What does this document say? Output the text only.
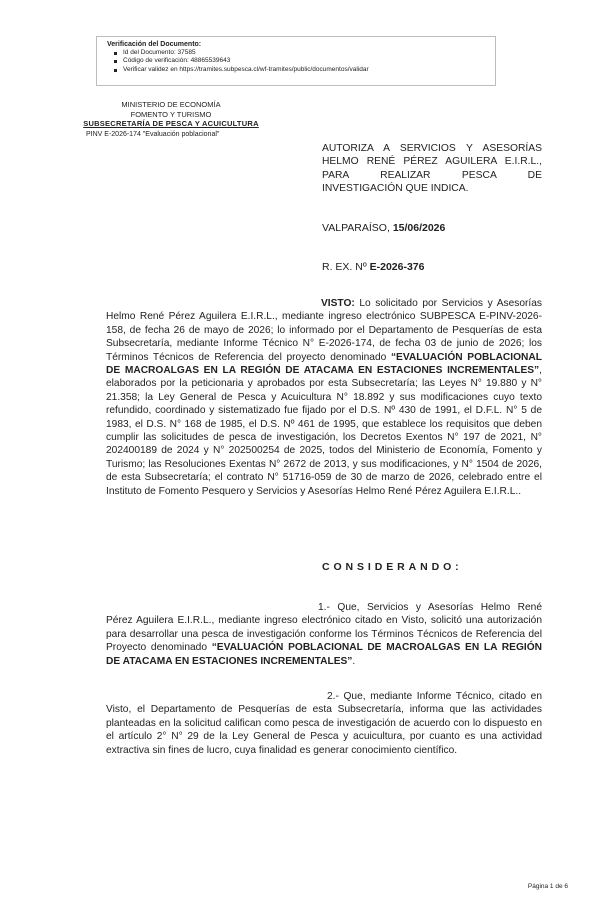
Verificación del Documento:
Id del Documento: 37585
Código de verificación: 48865539643
Verificar validez en https://tramites.subpesca.cl/wf-tramites/public/documentos/validar
MINISTERIO DE ECONOMÍA
FOMENTO Y TURISMO
SUBSECRETARÍA DE PESCA Y ACUICULTURA
PINV E-2026-174 "Evaluación poblacional"
AUTORIZA A SERVICIOS Y ASESORÍAS
HELMO RENÉ PÉREZ AGUILERA E.I.R.L.,
PARA REALIZAR PESCA DE
INVESTIGACIÓN QUE INDICA.
VALPARAÍSO, 15/06/2026
R. EX. Nº E-2026-376
VISTO: Lo solicitado por Servicios y Asesorías Helmo René Pérez Aguilera E.I.R.L., mediante ingreso electrónico SUBPESCA E-PINV-2026-158, de fecha 26 de mayo de 2026; lo informado por el Departamento de Pesquerías de esta Subsecretaría, mediante Informe Técnico N° E-2026-174, de fecha 03 de junio de 2026; los Términos Técnicos de Referencia del proyecto denominado “EVALUACIÓN POBLACIONAL DE MACROALGAS EN LA REGIÓN DE ATACAMA EN ESTACIONES INCREMENTALES”, elaborados por la peticionaria y aprobados por esta Subsecretaría; las Leyes N° 19.880 y N° 21.358; la Ley General de Pesca y Acuicultura N° 18.892 y sus modificaciones cuyo texto refundido, coordinado y sistematizado fue fijado por el D.S. Nº 430 de 1991, el D.F.L. N° 5 de 1983, el D.S. N° 168 de 1985, el D.S. Nº 461 de 1995, que establece los requisitos que deben cumplir las solicitudes de pesca de investigación, los Decretos Exentos N° 197 de 2021, N° 202400189 de 2024 y N° 202500254 de 2025, todos del Ministerio de Economía, Fomento y Turismo; las Resoluciones Exentas N° 2672 de 2013, y sus modificaciones, y N° 1504 de 2026, de esta Subsecretaría; el contrato N° 51716-059 de 30 de marzo de 2026, celebrado entre el Instituto de Fomento Pesquero y Servicios y Asesorías Helmo René Pérez Aguilera E.I.R.L..
CONSIDERANDO:
1.- Que, Servicios y Asesorías Helmo René Pérez Aguilera E.I.R.L., mediante ingreso electrónico citado en Visto, solicitó una autorización para desarrollar una pesca de investigación conforme los Términos Técnicos de Referencia del Proyecto denominado “EVALUACIÓN POBLACIONAL DE MACROALGAS EN LA REGIÓN DE ATACAMA EN ESTACIONES INCREMENTALES”.
2.- Que, mediante Informe Técnico, citado en Visto, el Departamento de Pesquerías de esta Subsecretaría, informa que las actividades planteadas en la solicitud califican como pesca de investigación de acuerdo con lo dispuesto en el artículo 2° N° 29 de la Ley General de Pesca y acuicultura, por cuanto es una actividad extractiva sin fines de lucro, cuya finalidad es generar conocimiento científico.
Página 1 de 6
